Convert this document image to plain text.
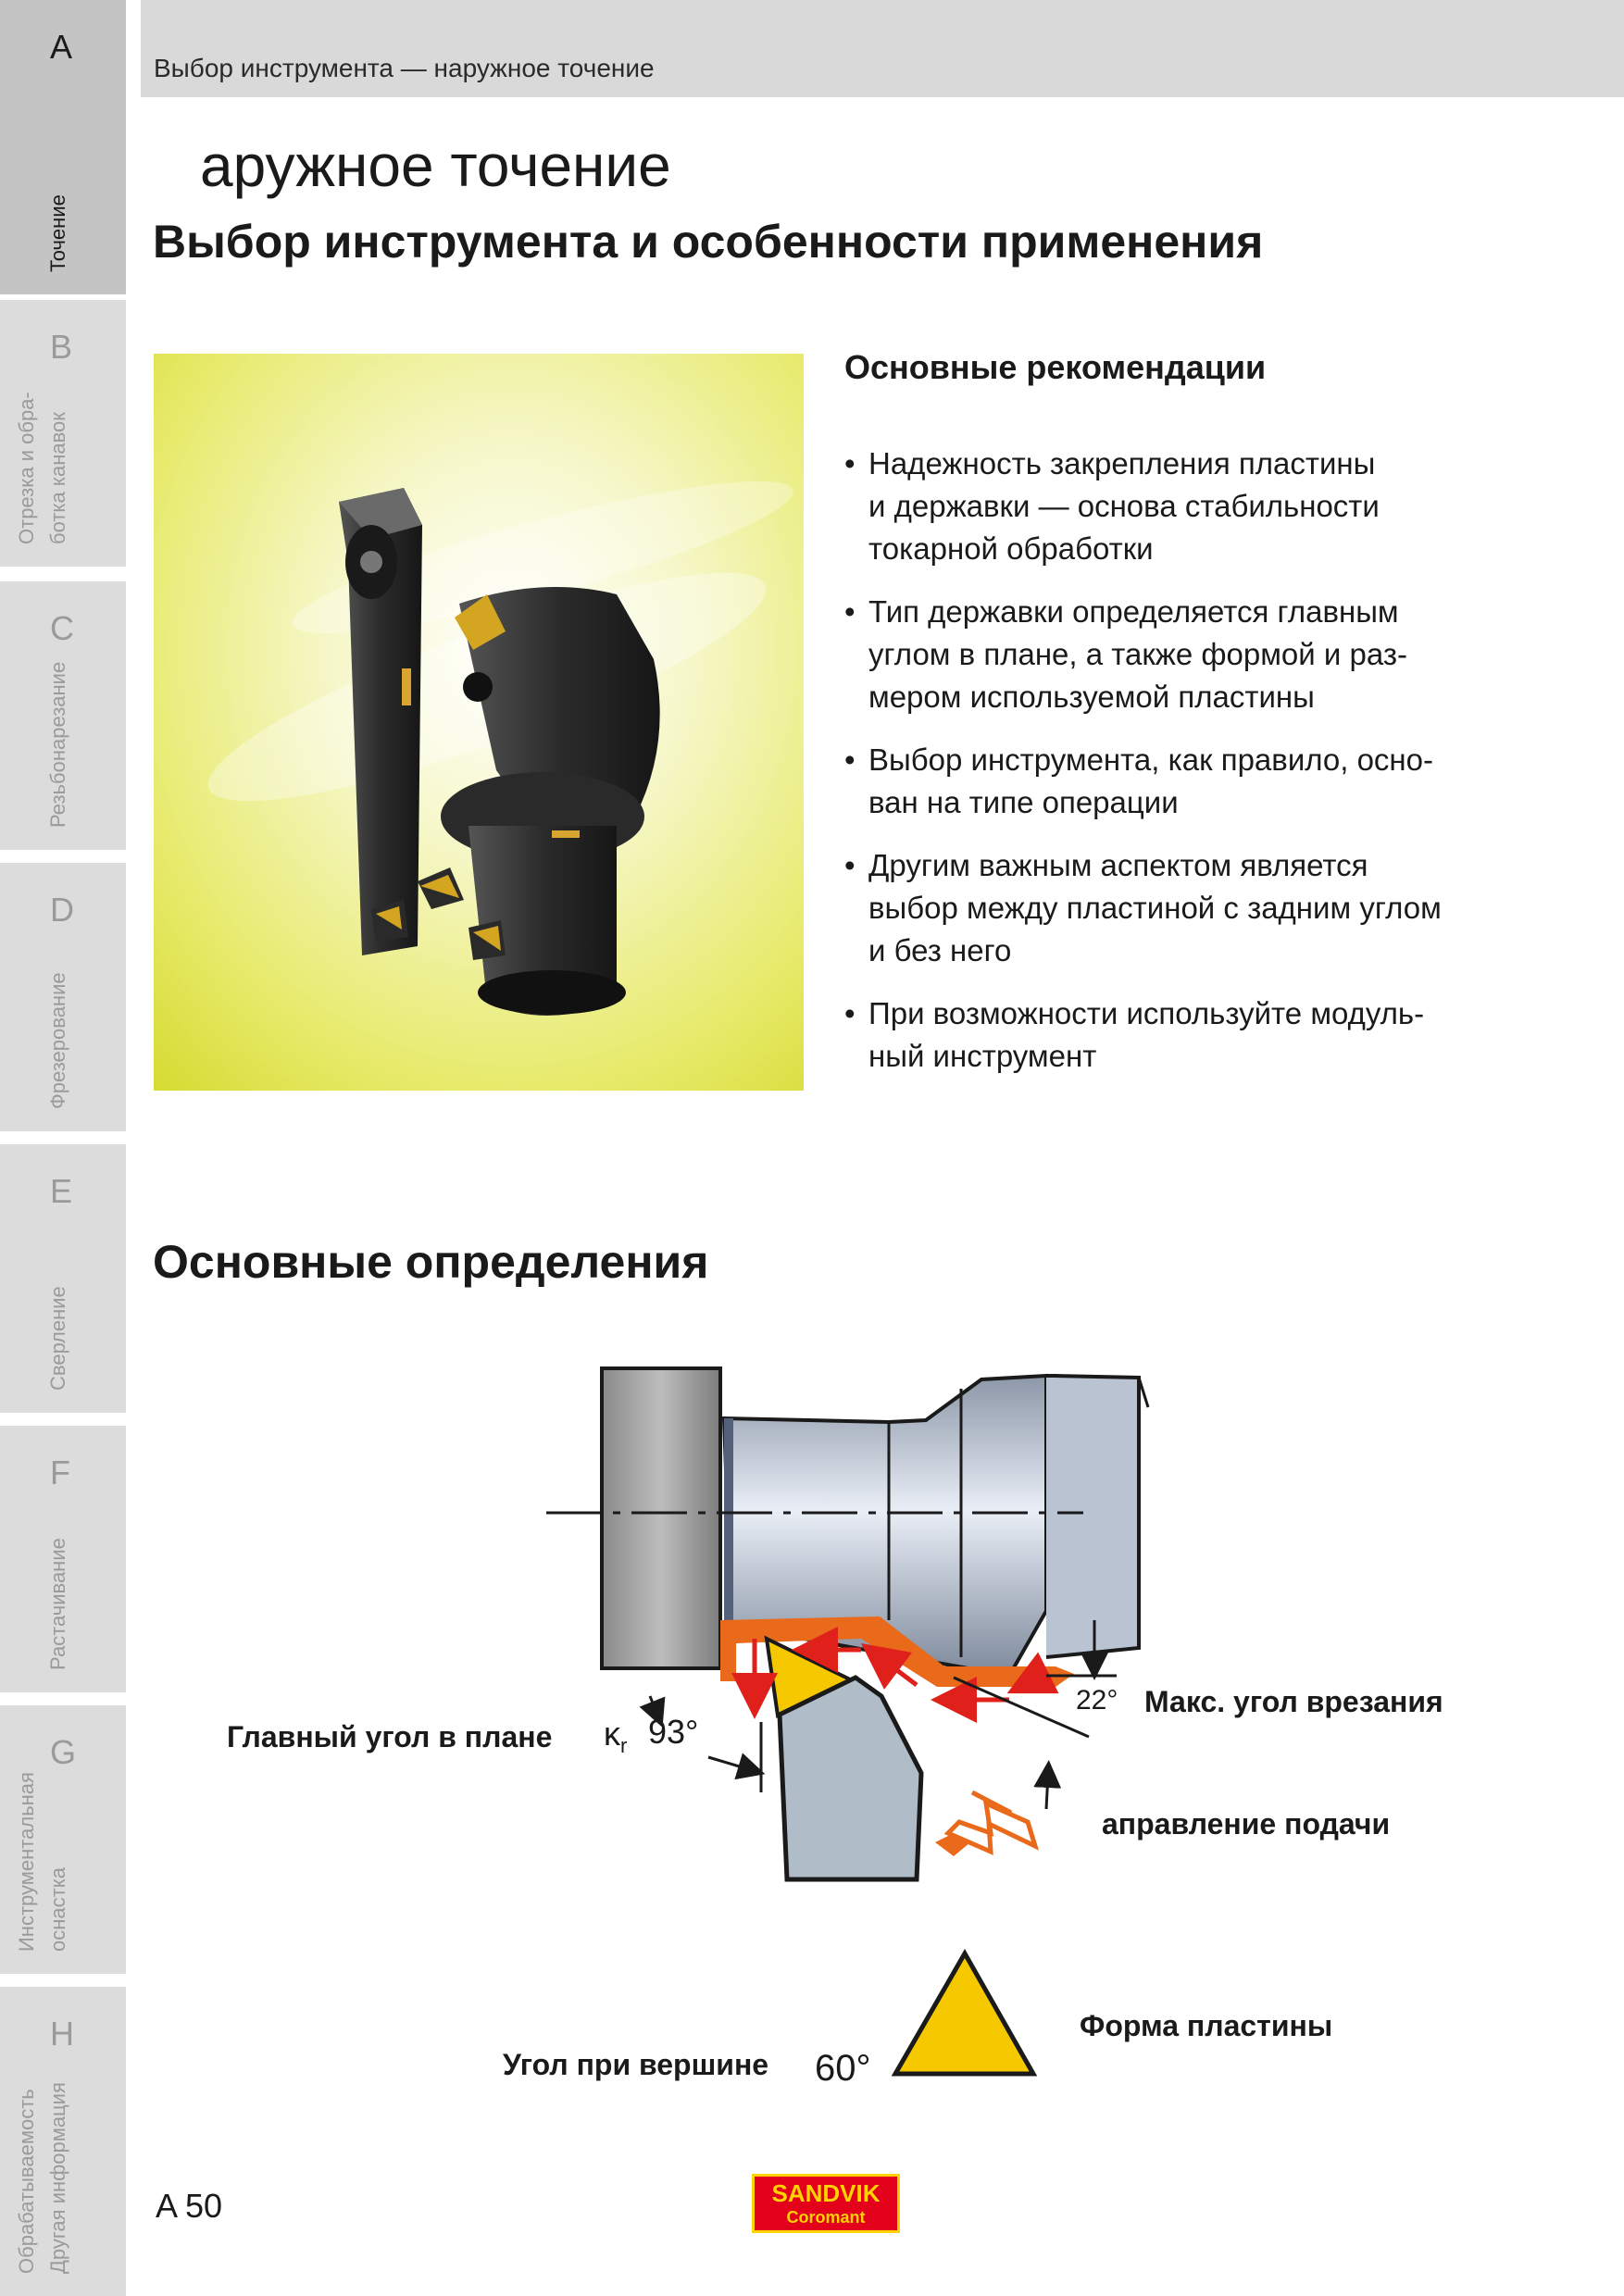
A
Точение
B
Отрезка и обра-
ботка канавок
C
Резьбонарезание
D
Фрезерование
E
Сверление
F
Растачивание
G
Инструментальная
оснастка
H
Обрабатываемость
Другая информация
Выбор инструмента — наружное точение
аружное точение
Выбор инструмента и особенности применения
Основные рекомендации
• Надежность закрепления пластины
и державки — основа стабильности
токарной обработки
• Тип державки определяется главным
углом в плане, а также формой и раз-
мером используемой пластины
• Выбор инструмента, как правило, осно-
ван на типе операции
• Другим важным аспектом является
выбор между пластиной с задним углом
и без него
• При возможности используйте модуль-
ный инструмент
Основные определения
Главный угол в плане $\kappa_r$ 93°
22° Макс. угол врезания
аправление подачи
Форма пластины
Угол при вершине 60°
A 50	SANDVIK
Coromant
